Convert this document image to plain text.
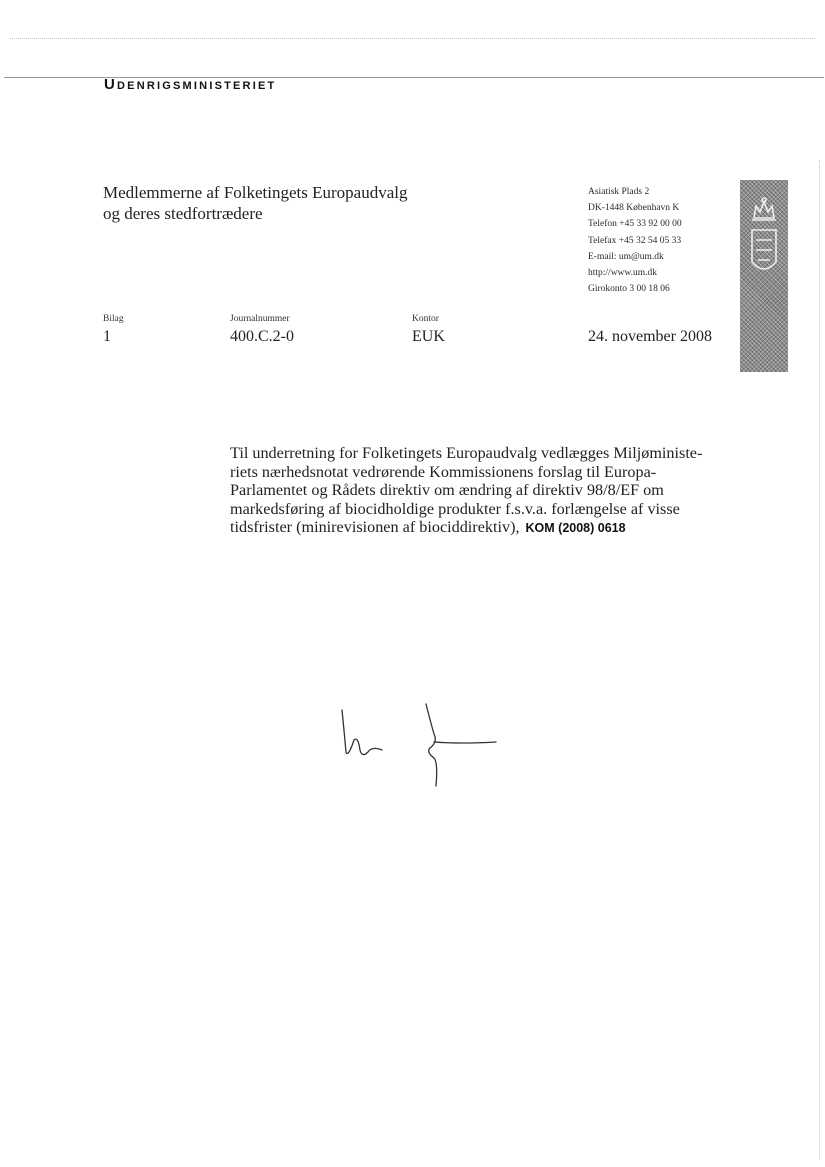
Udenrigsministeriet
Medlemmerne af Folketingets Europaudvalg
og deres stedfortrædere
Asiatisk Plads 2
DK-1448 København K
Telefon +45 33 92 00 00
Telefax +45 32 54 05 33
E-mail: um@um.dk
http://www.um.dk
Girokonto 3 00 18 06
Bilag
1
Journalnummer
400.C.2-0
Kontor
EUK	24. november 2008
Til underretning for Folketingets Europaudvalg vedlægges Miljøministe-
riets nærhedsnotat vedrørende Kommissionens forslag til Europa-
Parlamentet og Rådets direktiv om ændring af direktiv 98/8/EF om
markedsføring af biocidholdige produkter f.s.v.a. forlængelse af visse
tidsfrister (minirevisionen af biociddirektiv), KOM (2008) 0618
